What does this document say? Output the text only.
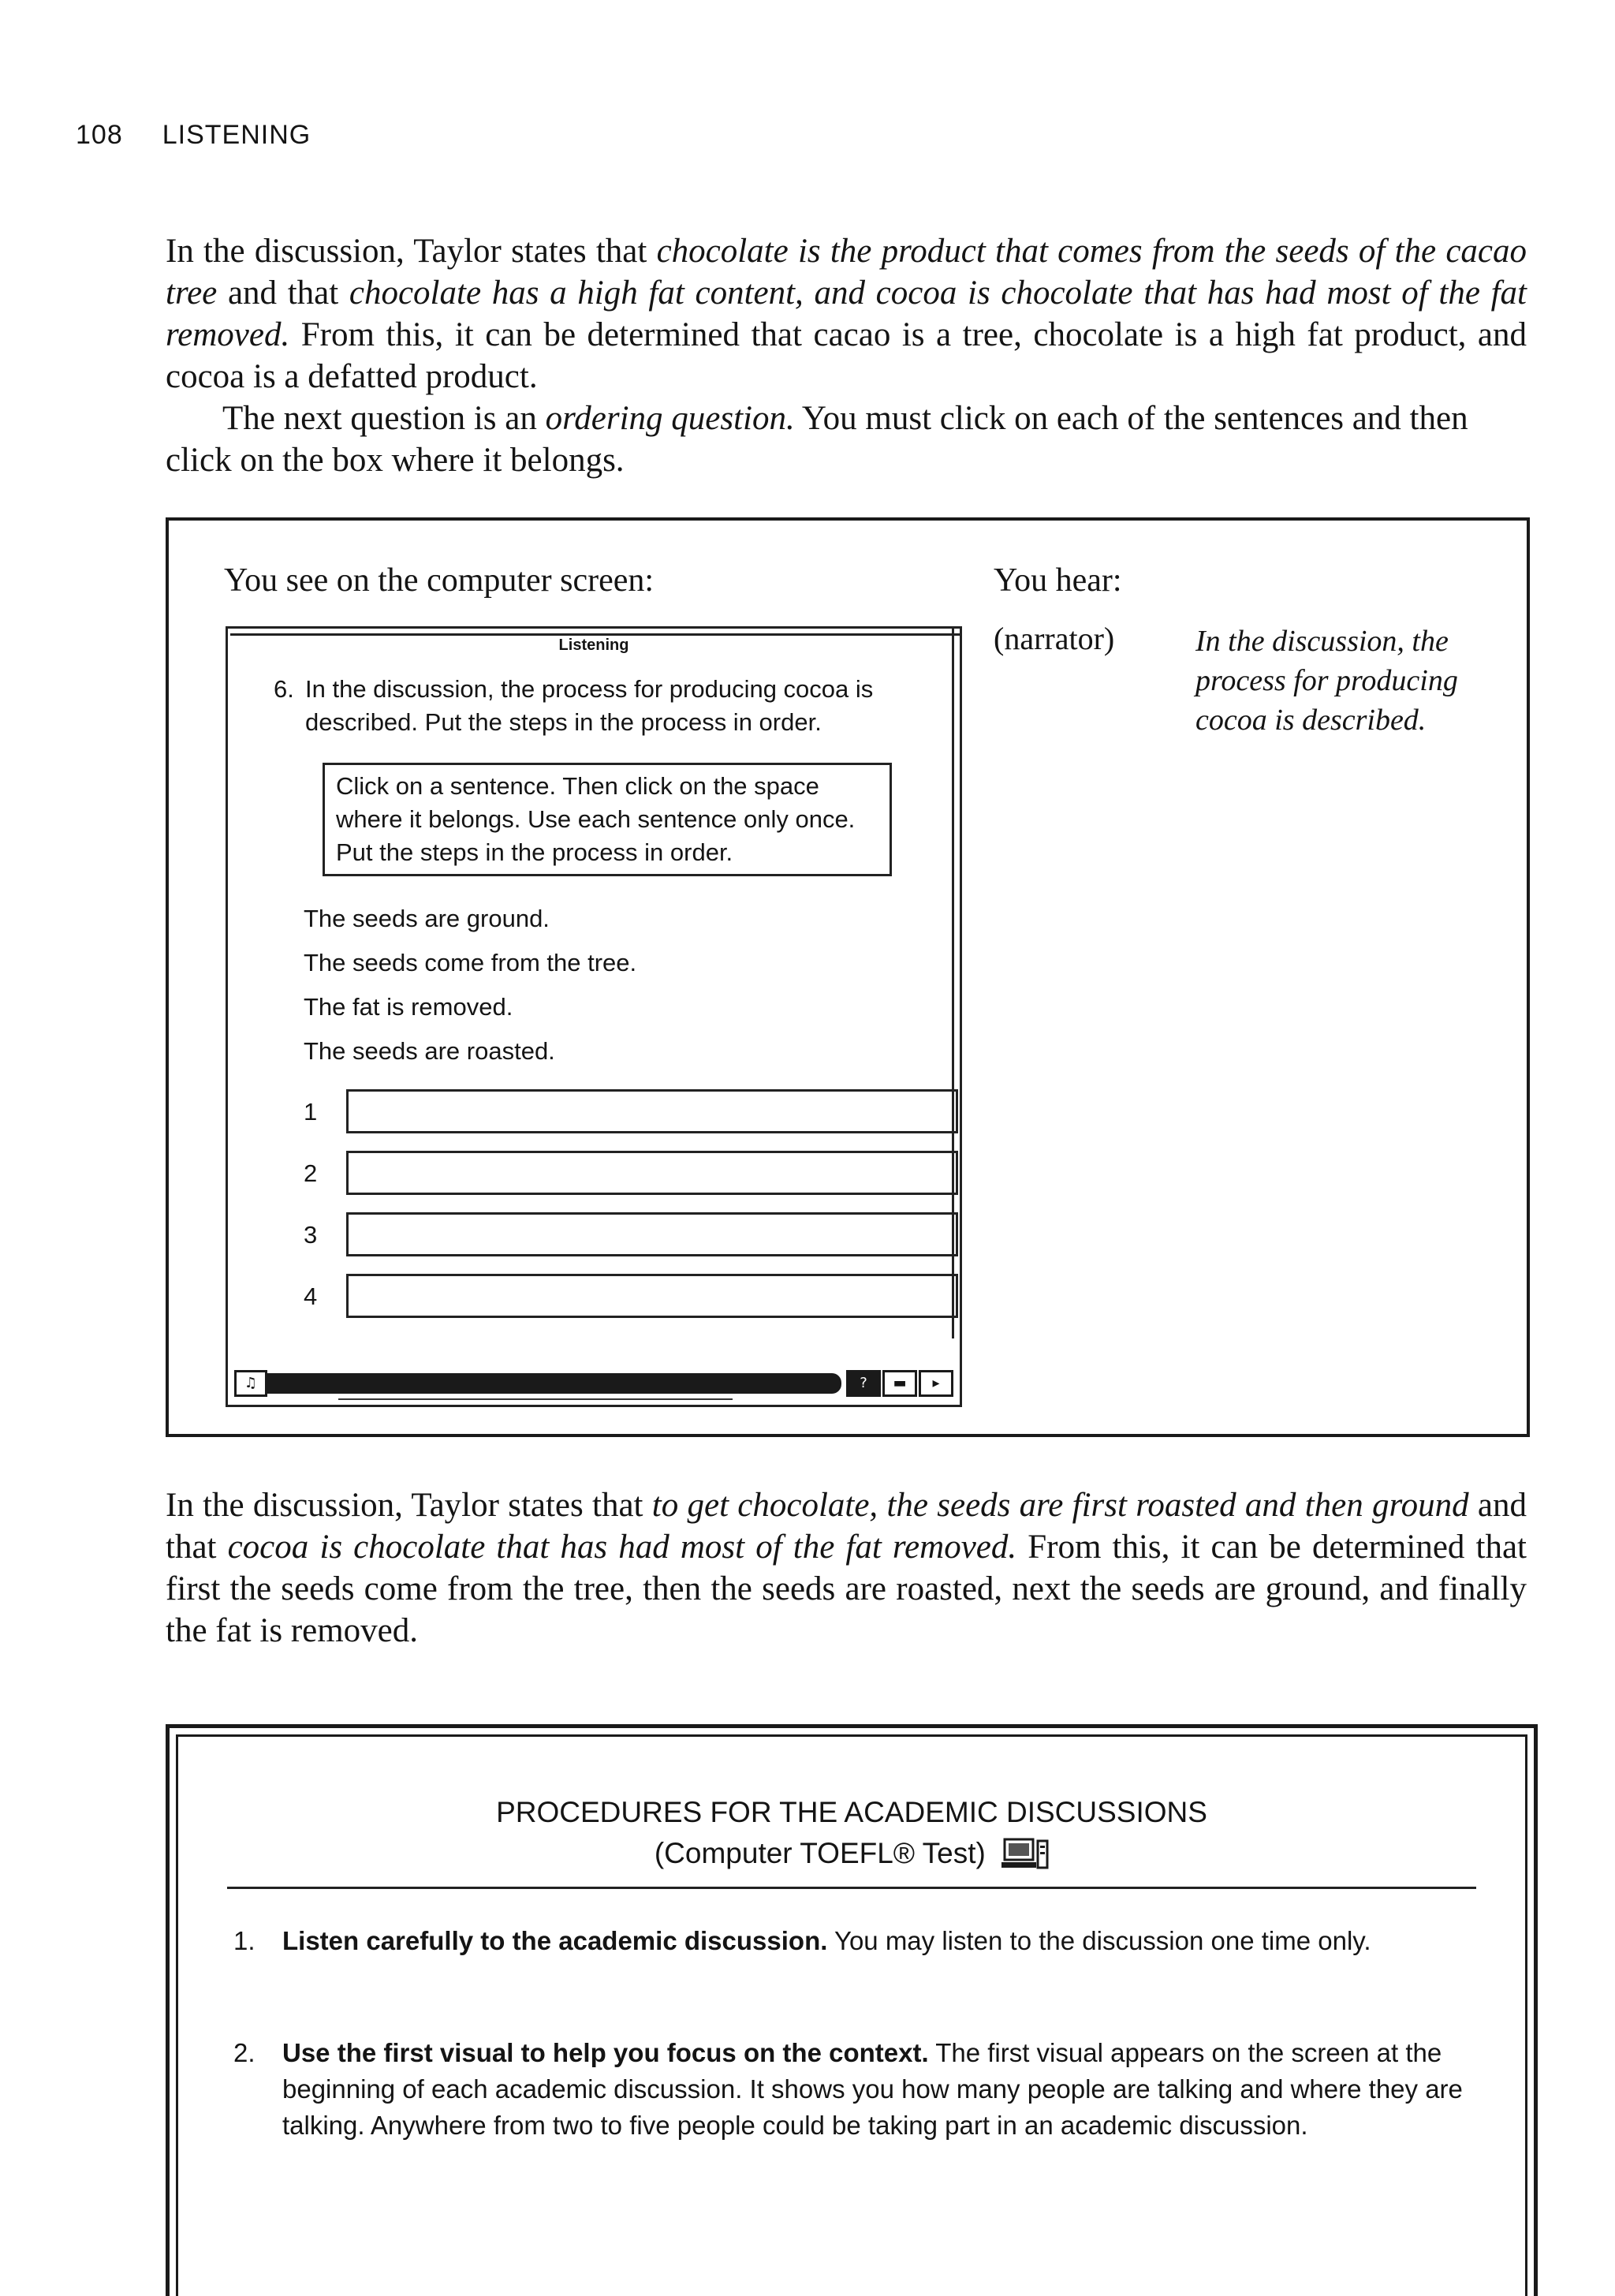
108 LISTENING
In the discussion, Taylor states that chocolate is the product that comes from the seeds of the cacao tree and that chocolate has a high fat content, and cocoa is chocolate that has had most of the fat removed. From this, it can be determined that cacao is a tree, chocolate is a high fat product, and cocoa is a defatted product.
The next question is an ordering question. You must click on each of the sentences and then click on the box where it belongs.
You see on the computer screen:	You hear:
(narrator)	In the discussion, the process for producing cocoa is described.
Listening
6. In the discussion, the process for producing cocoa is described. Put the steps in the process in order.
Click on a sentence. Then click on the space where it belongs. Use each sentence only once. Put the steps in the process in order.
The seeds are ground.
The seeds come from the tree.
The fat is removed.
The seeds are roasted.
1
2
3
4
♫	?	▬	▸
In the discussion, Taylor states that to get chocolate, the seeds are first roasted and then ground and that cocoa is chocolate that has had most of the fat removed. From this, it can be determined that first the seeds come from the tree, then the seeds are roasted, next the seeds are ground, and finally the fat is removed.
PROCEDURES FOR THE ACADEMIC DISCUSSIONS
(Computer TOEFL® Test)
1. Listen carefully to the academic discussion. You may listen to the discussion one time only.
2. Use the first visual to help you focus on the context. The first visual appears on the screen at the beginning of each academic discussion. It shows you how many people are talking and where they are talking. Anywhere from two to five people could be taking part in an academic discussion.
